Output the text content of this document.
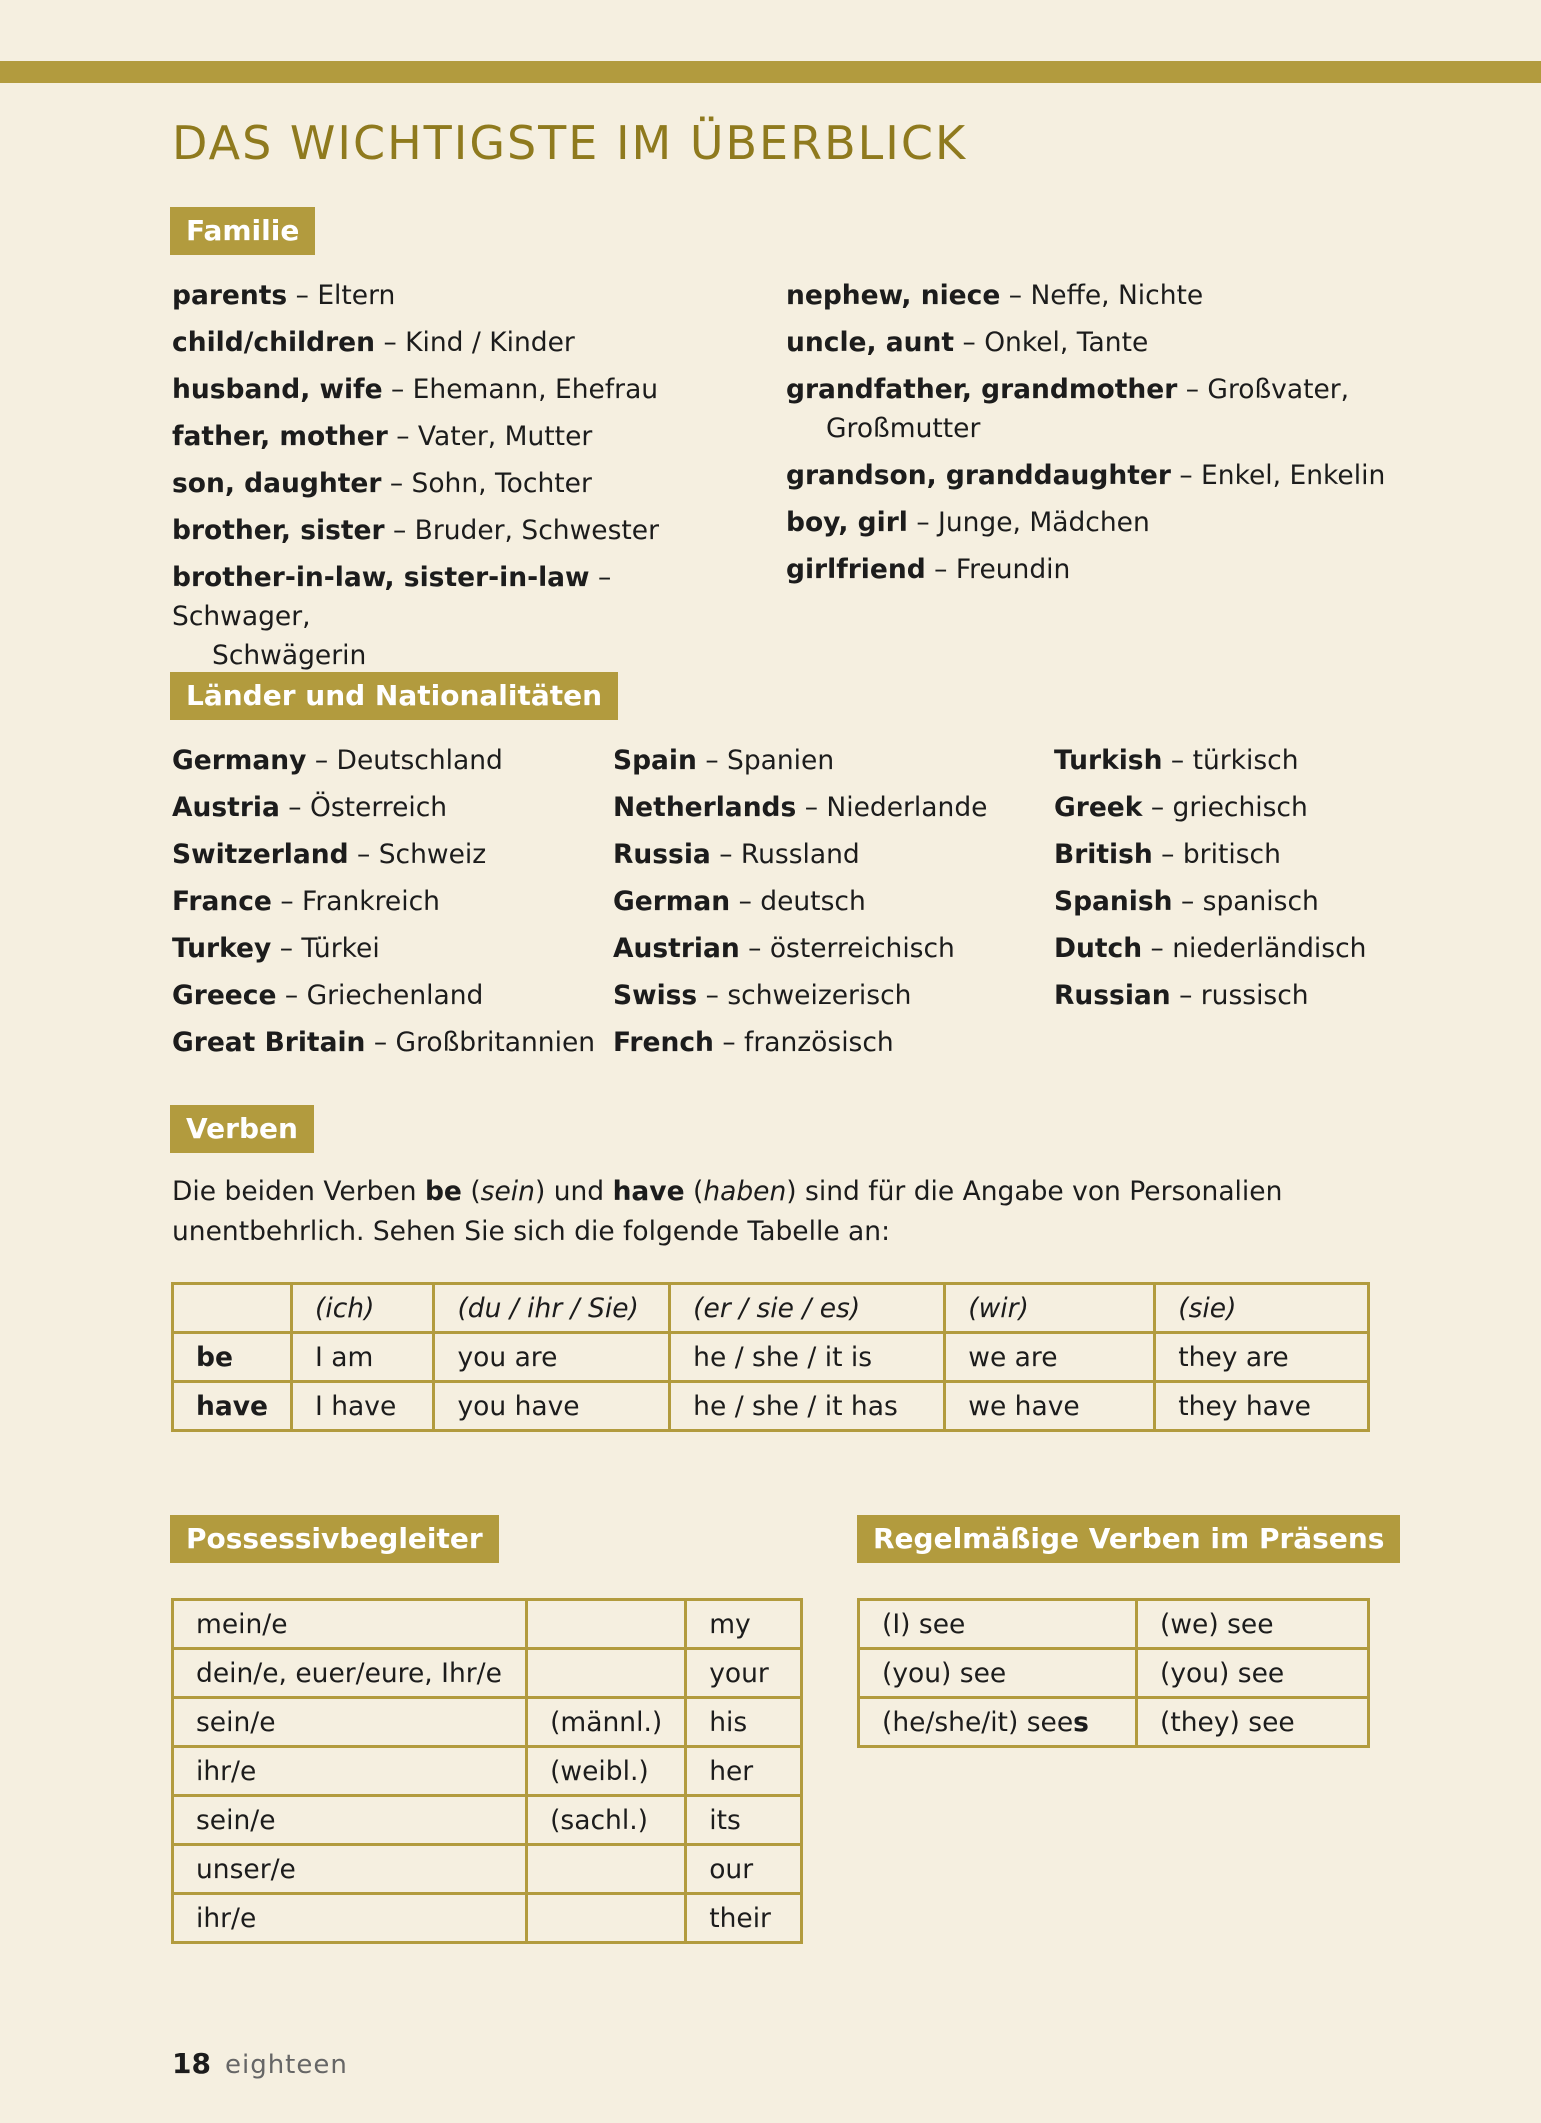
DAS WICHTIGSTE IM ÜBERBLICK
Familie
parents – Eltern
child/children – Kind / Kinder
husband, wife – Ehemann, Ehefrau
father, mother – Vater, Mutter
son, daughter – Sohn, Tochter
brother, sister – Bruder, Schwester
brother-in-law, sister-in-law – Schwager,
Schwägerin
nephew, niece – Neffe, Nichte
uncle, aunt – Onkel, Tante
grandfather, grandmother – Großvater,
Großmutter
grandson, granddaughter – Enkel, Enkelin
boy, girl – Junge, Mädchen
girlfriend – Freundin
Länder und Nationalitäten
Germany – Deutschland
Austria – Österreich
Switzerland – Schweiz
France – Frankreich
Turkey – Türkei
Greece – Griechenland
Great Britain – Großbritannien
Spain – Spanien
Netherlands – Niederlande
Russia – Russland
German – deutsch
Austrian – österreichisch
Swiss – schweizerisch
French – französisch
Turkish – türkisch
Greek – griechisch
British – britisch
Spanish – spanisch
Dutch – niederländisch
Russian – russisch
Verben
Die beiden Verben be (sein) und have (haben) sind für die Angabe von Personalien unentbehrlich. Sehen Sie sich die folgende Tabelle an:
	(ich)	(du / ihr / Sie)	(er / sie / es)	(wir)	(sie)
be	I am	you are	he / she / it is	we are	they are
have	I have	you have	he / she / it has	we have	they have
Possessivbegleiter
mein/e		my
dein/e, euer/eure, Ihr/e		your
sein/e	(männl.)	his
ihr/e	(weibl.)	her
sein/e	(sachl.)	its
unser/e		our
ihr/e		their
Regelmäßige Verben im Präsens
(I) see	(we) see
(you) see	(you) see
(he/she/it) sees	(they) see
18 eighteen
